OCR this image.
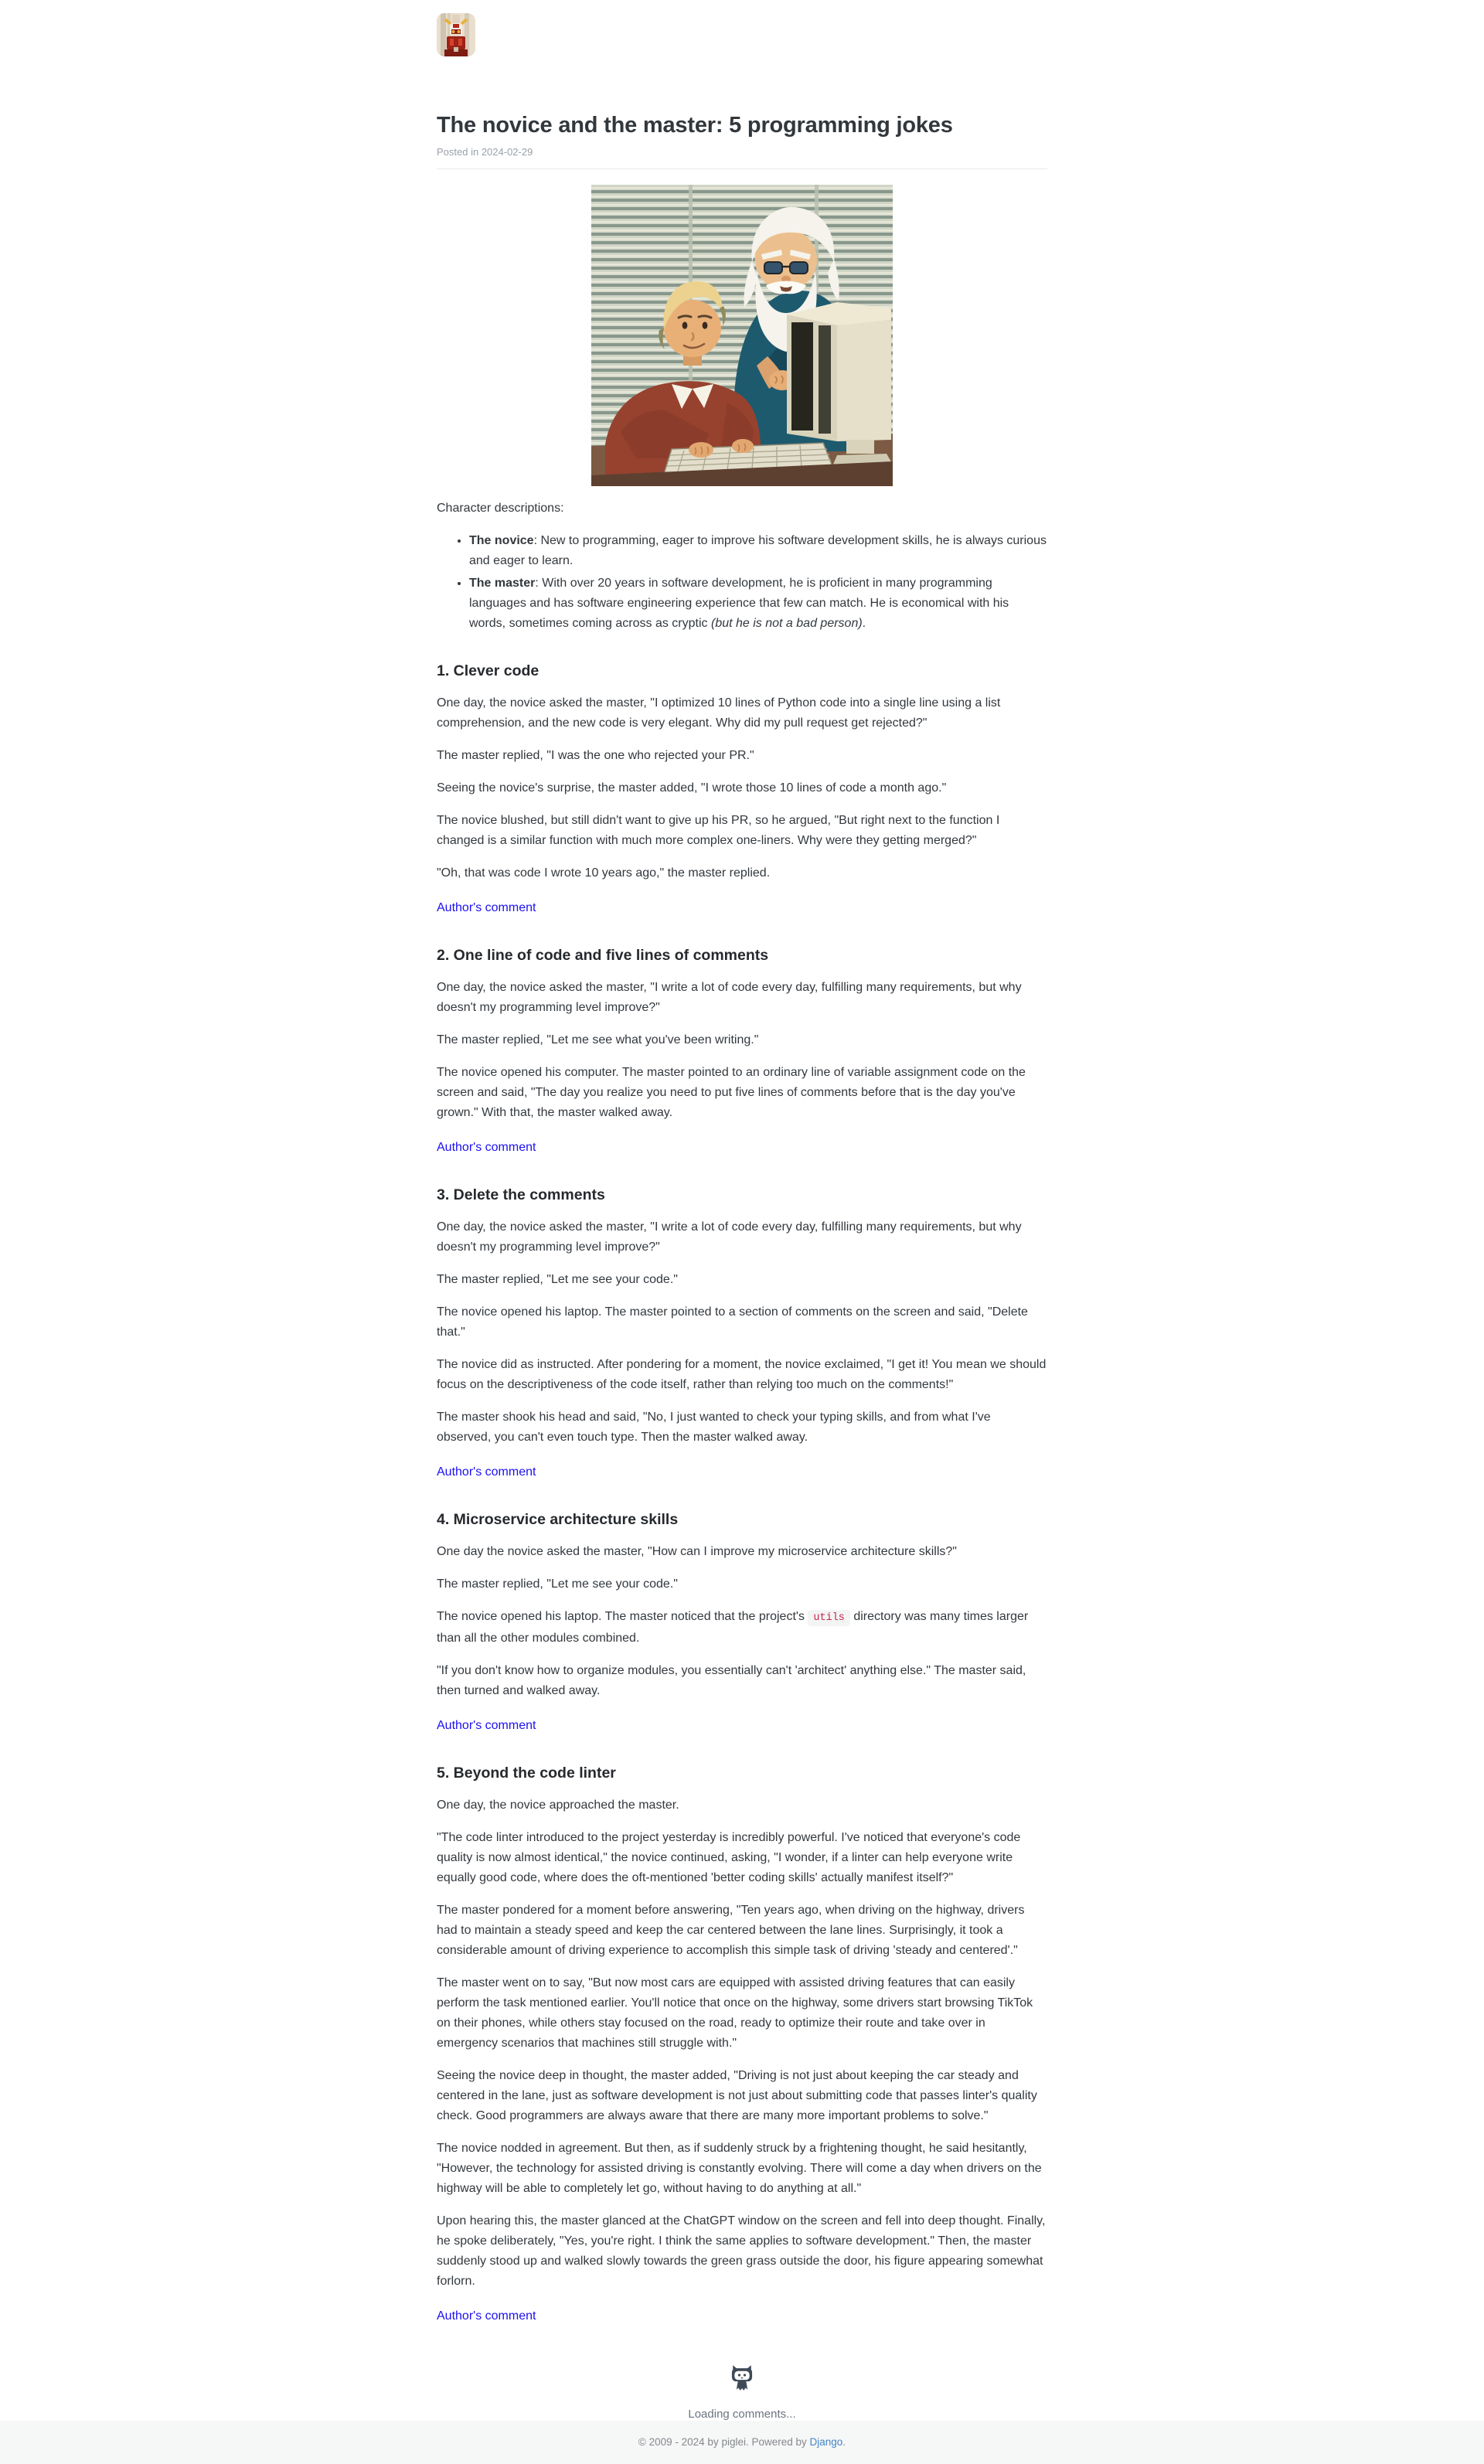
The novice and the master: 5 programming jokes
Posted in 2024-02-29

Character descriptions:

• The novice: New to programming, eager to improve his software development skills, he is always curious and eager to learn.
• The master: With over 20 years in software development, he is proficient in many programming languages and has software engineering experience that few can match. He is economical with his words, sometimes coming across as cryptic (but he is not a bad person).
1. Clever code

One day, the novice asked the master, "I optimized 10 lines of Python code into a single line using a list comprehension, and the new code is very elegant. Why did my pull request get rejected?"

The master replied, "I was the one who rejected your PR."

Seeing the novice's surprise, the master added, "I wrote those 10 lines of code a month ago."

The novice blushed, but still didn't want to give up his PR, so he argued, "But right next to the function I changed is a similar function with much more complex one-liners. Why were they getting merged?"

"Oh, that was code I wrote 10 years ago," the master replied.

Author's comment

2. One line of code and five lines of comments

One day, the novice asked the master, "I write a lot of code every day, fulfilling many requirements, but why doesn't my programming level improve?"

The master replied, "Let me see what you've been writing."

The novice opened his computer. The master pointed to an ordinary line of variable assignment code on the screen and said, "The day you realize you need to put five lines of comments before that is the day you've grown." With that, the master walked away.

Author's comment

3. Delete the comments

One day, the novice asked the master, "I write a lot of code every day, fulfilling many requirements, but why doesn't my programming level improve?"

The master replied, "Let me see your code."

The novice opened his laptop. The master pointed to a section of comments on the screen and said, "Delete that."

The novice did as instructed. After pondering for a moment, the novice exclaimed, "I get it! You mean we should focus on the descriptiveness of the code itself, rather than relying too much on the comments!"

The master shook his head and said, "No, I just wanted to check your typing skills, and from what I've observed, you can't even touch type. Then the master walked away.

Author's comment

4. Microservice architecture skills

One day the novice asked the master, "How can I improve my microservice architecture skills?"

The master replied, "Let me see your code."

The novice opened his laptop. The master noticed that the project's utils directory was many times larger than all the other modules combined.

"If you don't know how to organize modules, you essentially can't 'architect' anything else." The master said, then turned and walked away.

Author's comment

5. Beyond the code linter

One day, the novice approached the master.

"The code linter introduced to the project yesterday is incredibly powerful. I've noticed that everyone's code quality is now almost identical," the novice continued, asking, "I wonder, if a linter can help everyone write equally good code, where does the oft-mentioned 'better coding skills' actually manifest itself?"

The master pondered for a moment before answering, "Ten years ago, when driving on the highway, drivers had to maintain a steady speed and keep the car centered between the lane lines. Surprisingly, it took a considerable amount of driving experience to accomplish this simple task of driving 'steady and centered'."

The master went on to say, "But now most cars are equipped with assisted driving features that can easily perform the task mentioned earlier. You'll notice that once on the highway, some drivers start browsing TikTok on their phones, while others stay focused on the road, ready to optimize their route and take over in emergency scenarios that machines still struggle with."

Seeing the novice deep in thought, the master added, "Driving is not just about keeping the car steady and centered in the lane, just as software development is not just about submitting code that passes linter's quality check. Good programmers are always aware that there are many more important problems to solve."

The novice nodded in agreement. But then, as if suddenly struck by a frightening thought, he said hesitantly, "However, the technology for assisted driving is constantly evolving. There will come a day when drivers on the highway will be able to completely let go, without having to do anything at all."

Upon hearing this, the master glanced at the ChatGPT window on the screen and fell into deep thought. Finally, he spoke deliberately, "Yes, you're right. I think the same applies to software development." Then, the master suddenly stood up and walked slowly towards the green grass outside the door, his figure appearing somewhat forlorn.

Author's comment

Loading comments...

© 2009 - 2024 by piglei. Powered by Django.
